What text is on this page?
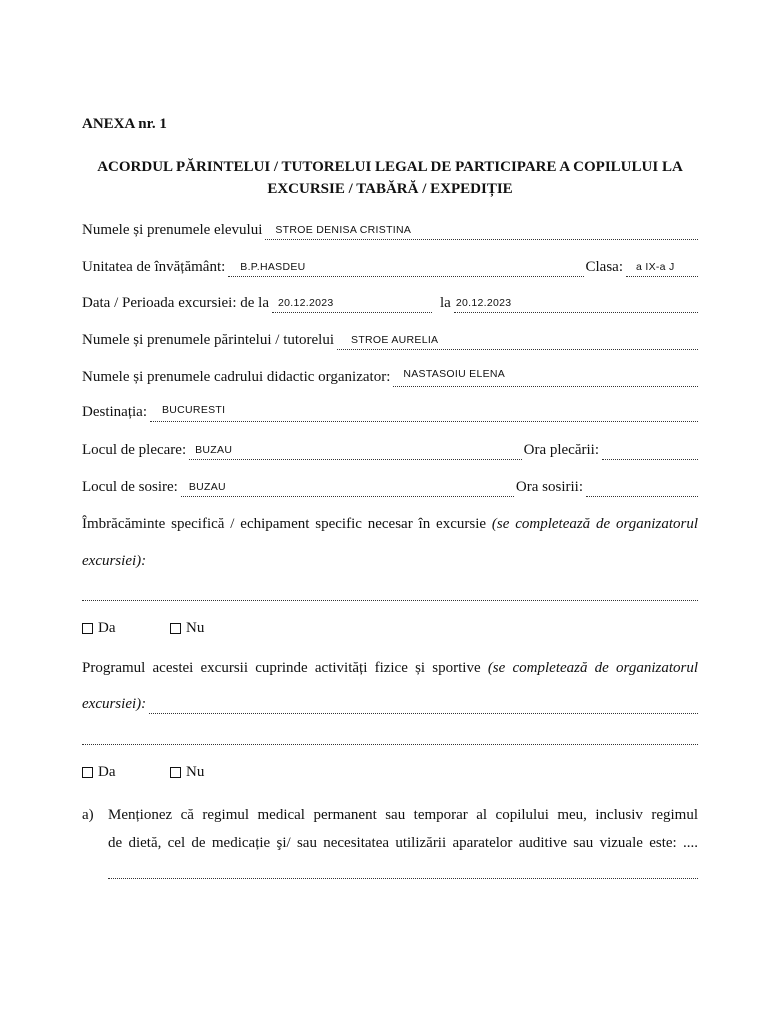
ANEXA nr. 1
ACORDUL PĂRINTELUI / TUTORELUI LEGAL DE PARTICIPARE A COPILULUI LA
EXCURSIE / TABĂRĂ / EXPEDIȚIE
Numele și prenumele elevului STROE DENISA CRISTINA
Unitatea de învățământ: B.P.HASDEU	Clasa: a IX-a J
Data / Perioada excursiei: de la 20.12.2023	la 20.12.2023
Numele și prenumele părintelui / tutorelui STROE AURELIA
Numele și prenumele cadrului didactic organizator: NASTASOIU ELENA
Destinația: BUCURESTI
Locul de plecare: BUZAU	Ora plecării:
Locul de sosire: BUZAU	Ora sosirii:
Îmbrăcăminte specifică / echipament specific necesar în excursie (se completează de organizatorul
excursiei):
Da	Nu
Programul acestei excursii cuprinde activități fizice și sportive (se completează de organizatorul
excursiei):
Da	Nu
a) Menționez că regimul medical permanent sau temporar al copilului meu, inclusiv regimul
de dietă, cel de medicație şi/ sau necesitatea utilizării aparatelor auditive sau vizuale este: ....
